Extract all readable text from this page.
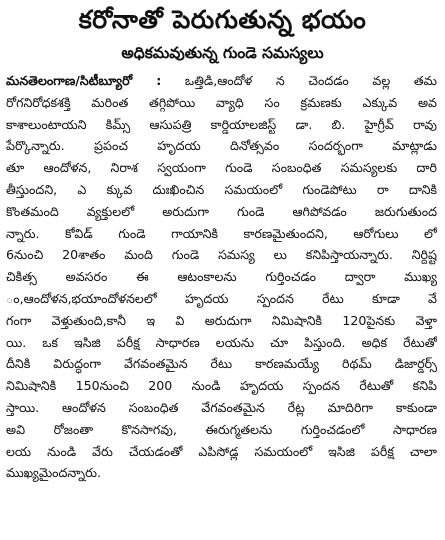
కరోనాతో పెరుగుతున్న భయం
అధికమవుతున్న గుండె సమస్యలు
మనతెలంగాణ/సిటీబ్యూరో : ఒత్తిడి,ఆందోళ న చెందడం వల్ల తమ
రోగనిరోధకశక్తి మరింత తగ్గిపోయి వ్యాధి సం క్రమణకు ఎక్కువ అవ
కాశాలుంటాయని కిమ్స్ ఆసుపత్రి కార్డియాలజిస్ట్ డా. బి. హైగ్రీవ్ రావు
పేర్కొన్నారు. ప్రపంచ హృదయ దినోత్సవం సందర్భంగా మాట్లాడు
తూ ఆందోళన, నిరాశ స్వయంగా గుండె సంబంధిత సమస్యలకు దారి
తీస్తుందని, ఎ క్కువ దుఃఖించిన సమయంలో గుండెపోటు రా దానికి
కొంతమంది వ్యక్తులలో అరుదుగా గుండె ఆగిపోవడం జరుగుతుంద
న్నారు. కోవిడ్ గుండె గాయానికి కారణమైతుందని, ఆరోగులు లో
6నుంచి 20శాతం మంది గుండె సమస్య లు కనిపిస్తాయన్నారు. నిర్దిష్ట
చికిత్స అవసరం ఈ ఆటంకాలను గుర్తించడం ద్వారా ముఖ్య
ం,ఆందోళన,భయాందోళనలలో హృదయ స్పందన రేటు కూడా వే
గంగా వెళ్తుతుంది,కానీ ఇ వి అరుదుగా నిమిషానికి 120పైనకు వెళ్తా
యి. ఒక ఇసిజి పరీక్ష సాధారణ లయను చూ పిస్తుంది. అధిక రేటుతో
దీనికి విరుద్ధంగా వేగవంతమైన రేటు కారణమయ్యే రిథమ్ డిజార్డర్స్
నిమిషానికి 150నుంచి 200 నుండి హృదయ స్పందన రేటుతో కనిపి
స్తాయి. ఆందోళన సంబంధిత వేగవంతమైన రేట్ల మాదిరిగా కాకుండా
అవి రోజంతా కొనసాగవు, ఈరుగ్మతలను గుర్తించడంలో సాధారణ
లయ నుండి వేరు చేయడంతో ఎపిసోడ్ల సమయంలో ఇసిజి పరీక్ష చాలా
ముఖ్యమైందన్నారు.
